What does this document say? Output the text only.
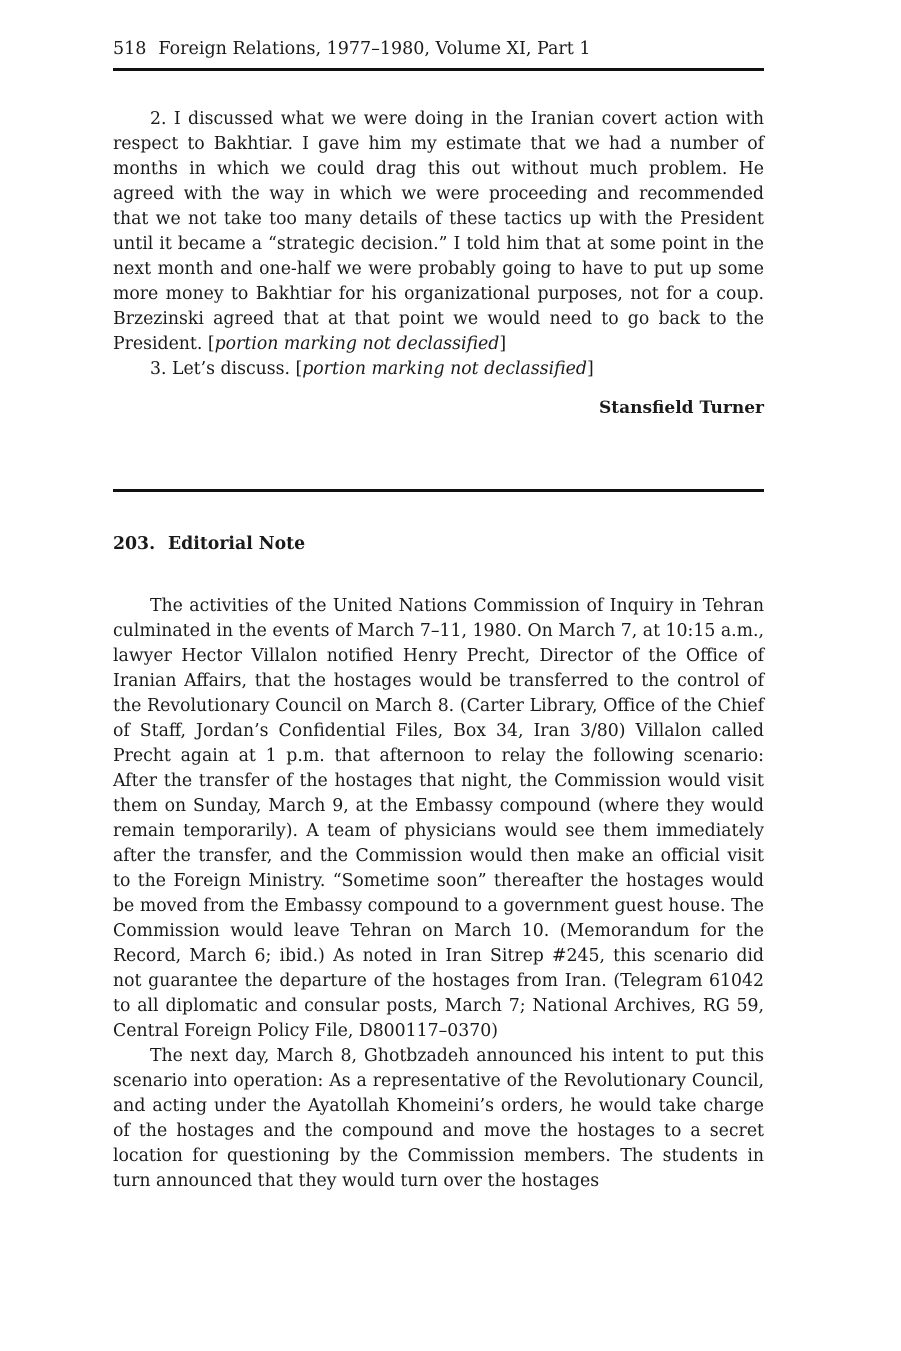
518 Foreign Relations, 1977–1980, Volume XI, Part 1

2. I discussed what we were doing in the Iranian covert action with respect to Bakhtiar. I gave him my estimate that we had a number of months in which we could drag this out without much problem. He agreed with the way in which we were proceeding and recommended that we not take too many details of these tactics up with the President until it became a “strategic decision.” I told him that at some point in the next month and one-half we were probably going to have to put up some more money to Bakhtiar for his organizational purposes, not for a coup. Brzezinski agreed that at that point we would need to go back to the President. [portion marking not declassified]

3. Let’s discuss. [portion marking not declassified]

Stansfield Turner
203. Editorial Note

The activities of the United Nations Commission of Inquiry in Tehran culminated in the events of March 7–11, 1980. On March 7, at 10:15 a.m., lawyer Hector Villalon notified Henry Precht, Director of the Office of Iranian Affairs, that the hostages would be transferred to the control of the Revolutionary Council on March 8. (Carter Library, Office of the Chief of Staff, Jordan’s Confidential Files, Box 34, Iran 3/80) Villalon called Precht again at 1 p.m. that afternoon to relay the following scenario: After the transfer of the hostages that night, the Commission would visit them on Sunday, March 9, at the Embassy compound (where they would remain temporarily). A team of physicians would see them immediately after the transfer, and the Commission would then make an official visit to the Foreign Ministry. “Sometime soon” thereafter the hostages would be moved from the Embassy compound to a government guest house. The Commission would leave Tehran on March 10. (Memorandum for the Record, March 6; ibid.) As noted in Iran Sitrep #245, this scenario did not guarantee the departure of the hostages from Iran. (Telegram 61042 to all diplomatic and consular posts, March 7; National Archives, RG 59, Central Foreign Policy File, D800117–0370)

The next day, March 8, Ghotbzadeh announced his intent to put this scenario into operation: As a representative of the Revolutionary Council, and acting under the Ayatollah Khomeini’s orders, he would take charge of the hostages and the compound and move the hostages to a secret location for questioning by the Commission members. The students in turn announced that they would turn over the hostages
